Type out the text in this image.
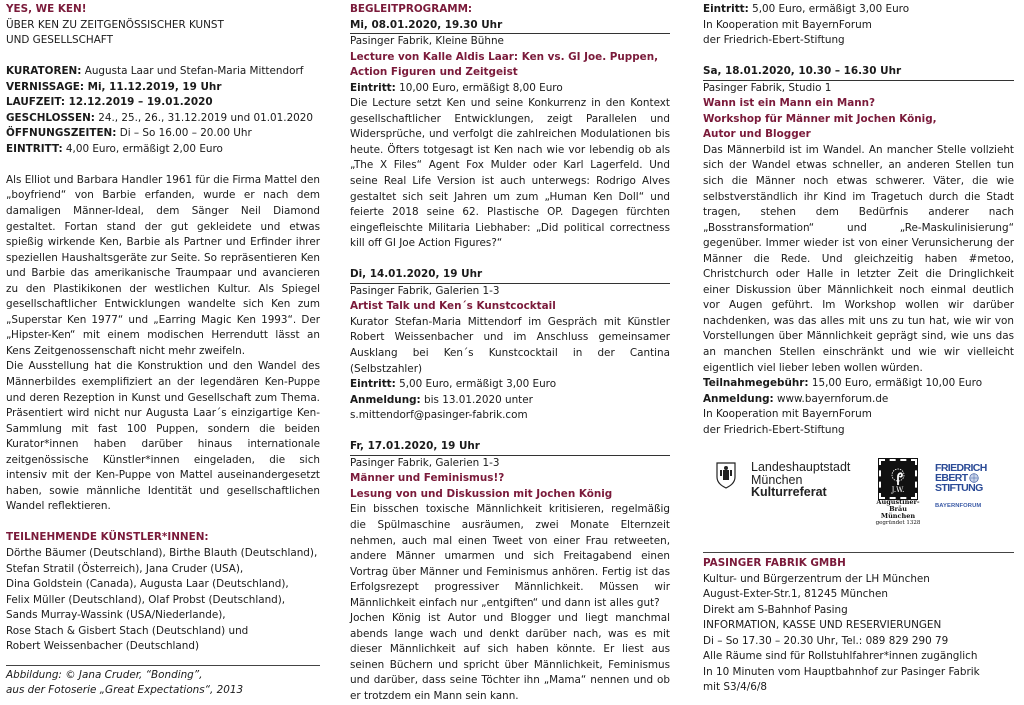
YES, WE KEN!
ÜBER KEN ZU ZEITGENÖSSISCHER KUNST
UND GESELLSCHAFT
KURATOREN: Augusta Laar und Stefan-Maria Mittendorf
VERNISSAGE: Mi, 11.12.2019, 19 Uhr
LAUFZEIT: 12.12.2019 – 19.01.2020
GESCHLOSSEN: 24., 25., 26., 31.12.2019 und 01.01.2020
ÖFFNUNGSZEITEN: Di – So 16.00 – 20.00 Uhr
EINTRITT: 4,00 Euro, ermäßigt 2,00 Euro

Als Elliot und Barbara Handler 1961 für die Firma Mattel den „boyfriend“ von Barbie erfanden, wurde er nach dem damaligen Männer-Ideal, dem Sänger Neil Diamond gestaltet. Fortan stand der gut gekleidete und etwas spießig wirkende Ken, Barbie als Partner und Erfinder ihrer speziellen Haushaltsgeräte zur Seite. So repräsentieren Ken und Barbie das amerikanische Traumpaar und avancieren zu den Plastikikonen der westlichen Kultur. Als Spiegel gesellschaftlicher Entwicklungen wandelte sich Ken zum „Superstar Ken 1977“ und „Earring Magic Ken 1993“. Der „Hipster-Ken“ mit einem modischen Herrendutt lässt an Kens Zeitgenossenschaft nicht mehr zweifeln.

Die Ausstellung hat die Konstruktion und den Wandel des Männerbildes exemplifiziert an der legendären Ken-Puppe und deren Rezeption in Kunst und Gesellschaft zum Thema. Präsentiert wird nicht nur Augusta Laar´s einzigartige Ken-Sammlung mit fast 100 Puppen, sondern die beiden Kurator*innen haben darüber hinaus internationale zeitgenössische Künstler*innen eingeladen, die sich intensiv mit der Ken-Puppe von Mattel auseinandergesetzt haben, sowie männliche Identität und gesellschaftlichen Wandel reflektieren.

TEILNEHMENDE KÜNSTLER*INNEN:
Dörthe Bäumer (Deutschland), Birthe Blauth (Deutschland),
Stefan Stratil (Österreich), Jana Cruder (USA),
Dina Goldstein (Canada), Augusta Laar (Deutschland),
Felix Müller (Deutschland), Olaf Probst (Deutschland),
Sands Murray-Wassink (USA/Niederlande),
Rose Stach & Gisbert Stach (Deutschland) und
Robert Weissenbacher (Deutschland)
Abbildung: © Jana Cruder, “Bonding”,
aus der Fotoserie „Great Expectations“, 2013
BEGLEITPROGRAMM:
Mi, 08.01.2020, 19.30 Uhr
Pasinger Fabrik, Kleine Bühne
Lecture von Kalle Aldis Laar: Ken vs. GI Joe. Puppen, Action Figuren und Zeitgeist
Eintritt: 10,00 Euro, ermäßigt 8,00 Euro

Die Lecture setzt Ken und seine Konkurrenz in den Kontext gesellschaftlicher Entwicklungen, zeigt Parallelen und Widersprüche, und verfolgt die zahlreichen Modulationen bis heute. Öfters totgesagt ist Ken nach wie vor lebendig ob als „The X Files“ Agent Fox Mulder oder Karl Lagerfeld. Und seine Real Life Version ist auch unterwegs: Rodrigo Alves gestaltet sich seit Jahren um zum „Human Ken Doll“ und feierte 2018 seine 62. Plastische OP. Dagegen fürchten eingefleischte Militaria Liebhaber: „Did political correctness kill off GI Joe Action Figures?“

Di, 14.01.2020, 19 Uhr
Pasinger Fabrik, Galerien 1-3
Artist Talk und Ken´s Kunstcocktail

Kurator Stefan-Maria Mittendorf im Gespräch mit Künstler Robert Weissenbacher und im Anschluss gemeinsamer Ausklang bei Ken´s Kunstcocktail in der Cantina (Selbstzahler)

Eintritt: 5,00 Euro, ermäßigt 3,00 Euro
Anmeldung: bis 13.01.2020 unter
s.mittendorf@pasinger-fabrik.com
Fr, 17.01.2020, 19 Uhr
Pasinger Fabrik, Galerien 1-3
Männer und Feminismus!?
Lesung von und Diskussion mit Jochen König

Ein bisschen toxische Männlichkeit kritisieren, regelmäßig die Spülmaschine ausräumen, zwei Monate Elternzeit nehmen, auch mal einen Tweet von einer Frau retweeten, andere Männer umarmen und sich Freitagabend einen Vortrag über Männer und Feminismus anhören. Fertig ist das Erfolgsrezept progressiver Männlichkeit. Müssen wir Männlichkeit einfach nur „entgiften“ und dann ist alles gut?

Jochen König ist Autor und Blogger und liegt manchmal abends lange wach und denkt darüber nach, was es mit dieser Männlichkeit auf sich haben könnte. Er liest aus seinen Büchern und spricht über Männlichkeit, Feminismus und darüber, dass seine Töchter ihn „Mama“ nennen und ob er trotzdem ein Mann sein kann.

Eintritt: 5,00 Euro, ermäßigt 3,00 Euro
In Kooperation mit BayernForum
der Friedrich-Ebert-Stiftung
Sa, 18.01.2020, 10.30 – 16.30 Uhr
Pasinger Fabrik, Studio 1
Wann ist ein Mann ein Mann?
Workshop für Männer mit Jochen König,
Autor und Blogger

Das Männerbild ist im Wandel. An mancher Stelle vollzieht sich der Wandel etwas schneller, an anderen Stellen tun sich die Männer noch etwas schwerer. Väter, die wie selbstverständlich ihr Kind im Tragetuch durch die Stadt tragen, stehen dem Bedürfnis anderer nach „Bosstransformation“ und „Re-Maskulinisierung“ gegenüber. Immer wieder ist von einer Verunsicherung der Männer die Rede. Und gleichzeitig haben #metoo, Christchurch oder Halle in letzter Zeit die Dringlichkeit einer Diskussion über Männlichkeit noch einmal deutlich vor Augen geführt. Im Workshop wollen wir darüber nachdenken, was das alles mit uns zu tun hat, wie wir von Vorstellungen über Männlichkeit geprägt sind, wie uns das an manchen Stellen einschränkt und wie wir vielleicht eigentlich viel lieber leben wollen würden.

Teilnahmegebühr: 15,00 Euro, ermäßigt 10,00 Euro
Anmeldung: www.bayernforum.de
In Kooperation mit BayernForum
der Friedrich-Ebert-Stiftung
Landeshauptstadt
München
Kulturreferat	J.W.
Augustiner-
Bräu München
gegründet 1328
FRIEDRICH
EBERT
STIFTUNG
BAYERNFORUM
PASINGER FABRIK GMBH
Kultur- und Bürgerzentrum der LH München
August-Exter-Str.1, 81245 München
Direkt am S-Bahnhof Pasing
INFORMATION, KASSE UND RESERVIERUNGEN
Di – So 17.30 – 20.30 Uhr, Tel.: 089 829 290 79
Alle Räume sind für Rollstuhlfahrer*innen zugänglich
In 10 Minuten vom Hauptbahnhof zur Pasinger Fabrik
mit S3/4/6/8
